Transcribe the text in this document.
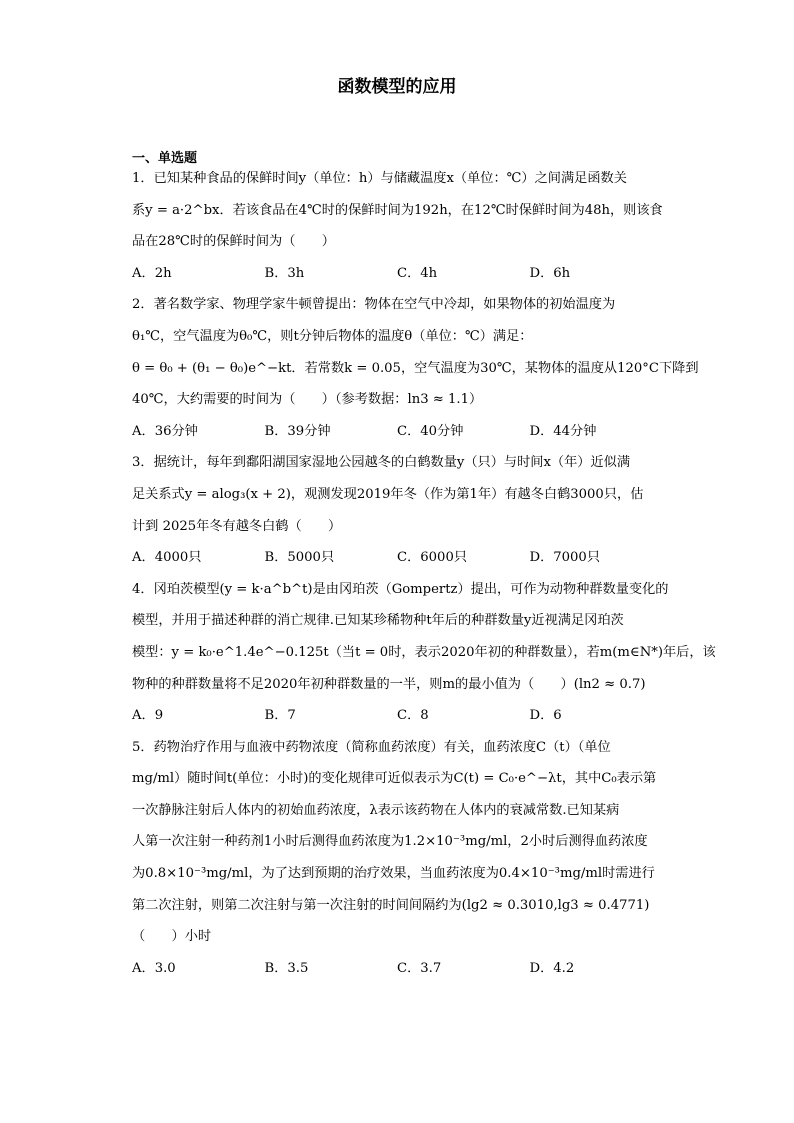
函数模型的应用
一、单选题
1．已知某种食品的保鲜时间y（单位：h）与储藏温度x（单位：℃）之间满足函数关
系y = a·2^bx．若该食品在4℃时的保鲜时间为192h，在12℃时保鲜时间为48h，则该食
品在28℃时的保鲜时间为（　　）
A．2h	B．3h	C．4h	D．6h
2．著名数学家、物理学家牛顿曾提出：物体在空气中冷却，如果物体的初始温度为
θ₁℃，空气温度为θ₀℃，则t分钟后物体的温度θ（单位：℃）满足：
θ = θ₀ + (θ₁ − θ₀)e^−kt．若常数k = 0.05，空气温度为30℃，某物体的温度从120°C下降到
40℃，大约需要的时间为（　　）（参考数据：ln3 ≈ 1.1）
A．36分钟	B．39分钟	C．40分钟	D．44分钟
3．据统计，每年到鄱阳湖国家湿地公园越冬的白鹤数量y（只）与时间x（年）近似满
足关系式y = alog₃(x + 2)，观测发现2019年冬（作为第1年）有越冬白鹤3000只，估
计到 2025年冬有越冬白鹤（　　）
A．4000只	B．5000只	C．6000只	D．7000只
4．冈珀茨模型(y = k·a^b^t)是由冈珀茨（Gompertz）提出，可作为动物种群数量变化的
模型，并用于描述种群的消亡规律.已知某珍稀物种t年后的种群数量y近视满足冈珀茨
模型：y = k₀·e^1.4e^−0.125t（当t = 0时，表示2020年初的种群数量），若m(m∈N*)年后，该
物种的种群数量将不足2020年初种群数量的一半，则m的最小值为（　　）(ln2 ≈ 0.7)
A．9	B．7	C．8	D．6
5．药物治疗作用与血液中药物浓度（简称血药浓度）有关，血药浓度C（t）（单位
mg/ml）随时间t(单位：小时)的变化规律可近似表示为C(t) = C₀·e^−λt，其中C₀表示第
一次静脉注射后人体内的初始血药浓度，λ表示该药物在人体内的衰减常数.已知某病
人第一次注射一种药剂1小时后测得血药浓度为1.2×10⁻³mg/ml，2小时后测得血药浓度
为0.8×10⁻³mg/ml，为了达到预期的治疗效果，当血药浓度为0.4×10⁻³mg/ml时需进行
第二次注射，则第二次注射与第一次注射的时间间隔约为(lg2 ≈ 0.3010,lg3 ≈ 0.4771)
（　　）小时
A．3.0	B．3.5	C．3.7	D．4.2
